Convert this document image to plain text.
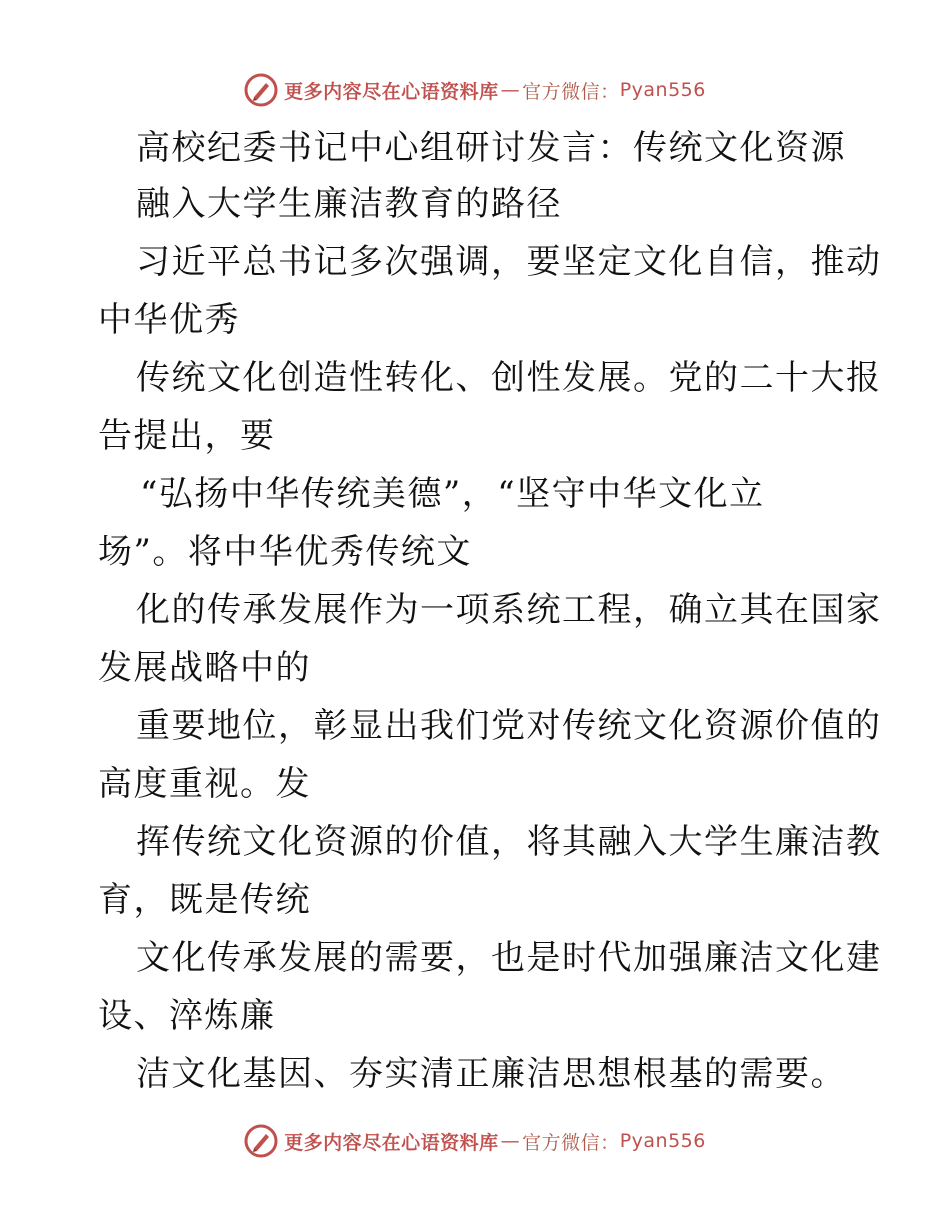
更多内容尽在心语资料库 — 官方微信： Pyan556
高校纪委书记中心组研讨发言：传统文化资源
融入大学生廉洁教育的路径
习近平总书记多次强调，要坚定文化自信，推动
中华优秀
传统文化创造性转化、创性发展。党的二十大报
告提出，要
“弘扬中华传统美德”，“坚守中华文化立
场”。将中华优秀传统文
化的传承发展作为一项系统工程，确立其在国家
发展战略中的
重要地位，彰显出我们党对传统文化资源价值的
高度重视。发
挥传统文化资源的价值，将其融入大学生廉洁教
育，既是传统
文化传承发展的需要，也是时代加强廉洁文化建
设、淬炼廉
洁文化基因、夯实清正廉洁思想根基的需要。
更多内容尽在心语资料库 — 官方微信： Pyan556
